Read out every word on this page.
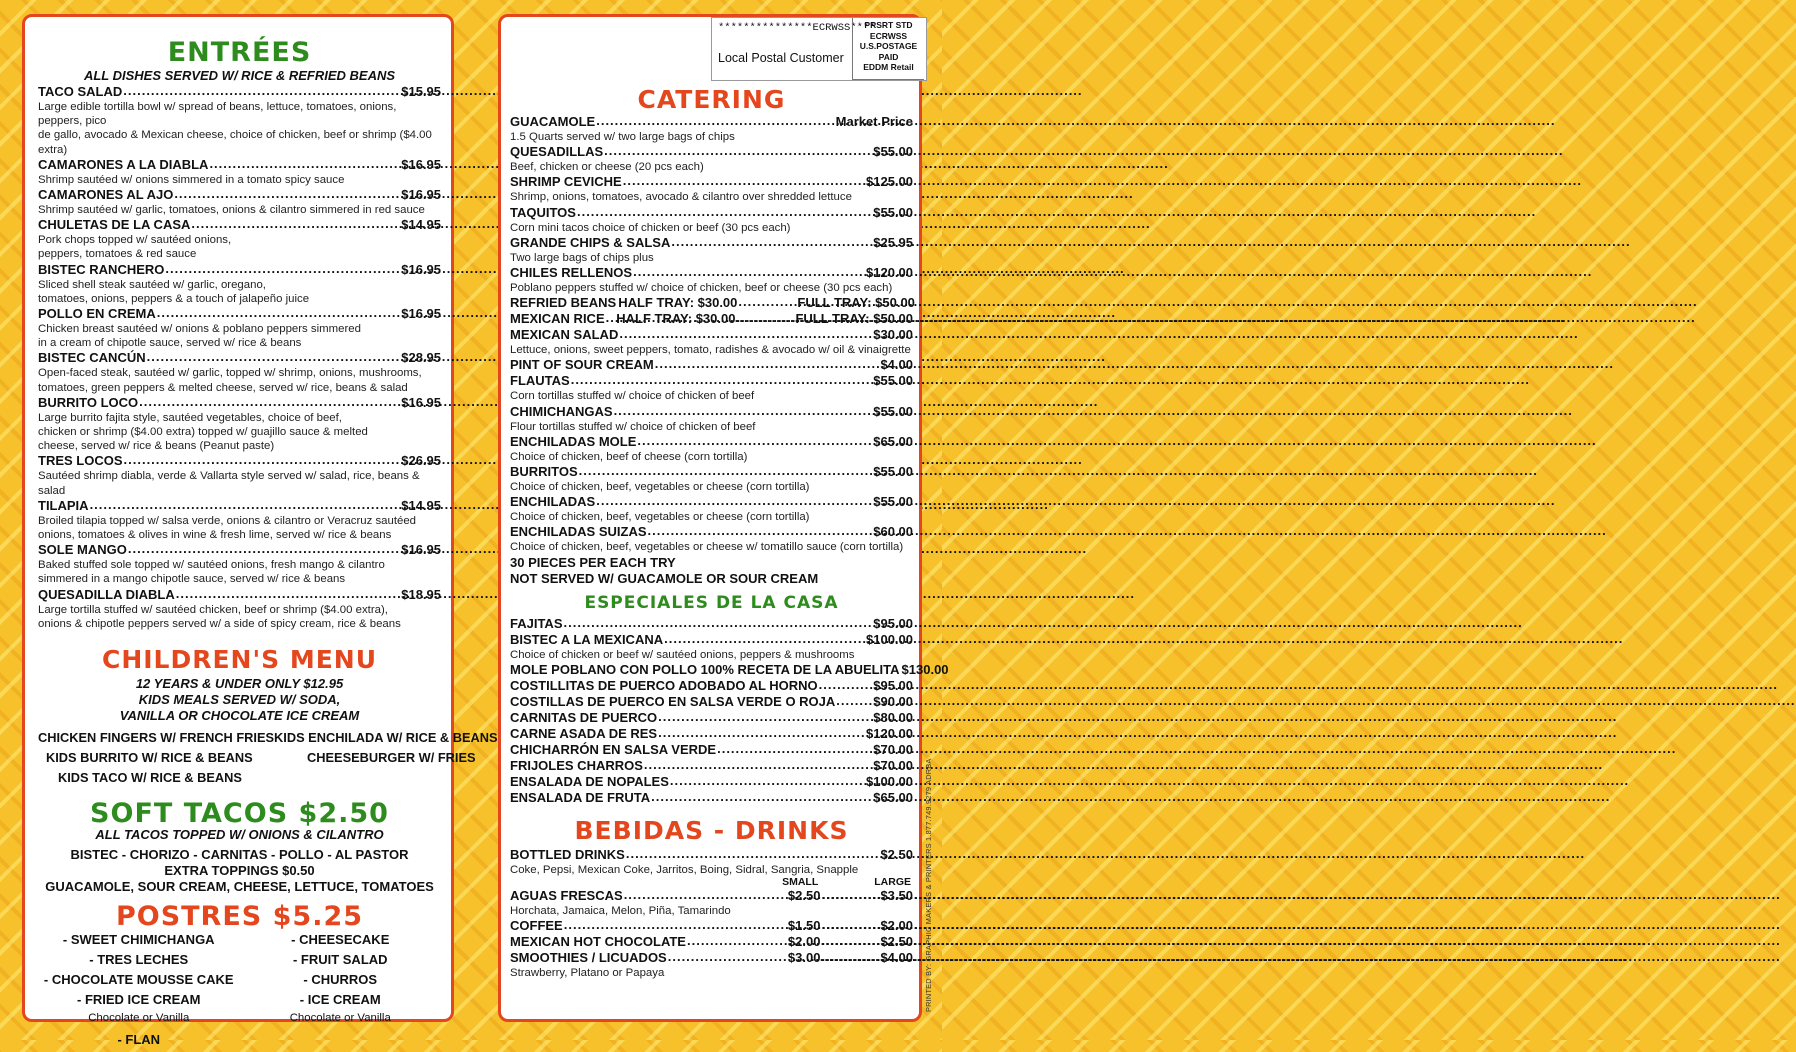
ENTRÉES
ALL DISHES SERVED W/ RICE & REFRIED BEANS
TACO SALAD .....	$15.95
Large edible tortilla bowl w/ spread of beans, lettuce, tomatoes, onions, peppers, pico
de gallo, avocado & Mexican cheese, choice of chicken, beef or shrimp ($4.00 extra)
CAMARONES A LA DIABLA .....	$16.95
Shrimp sautéed w/ onions simmered in a tomato spicy sauce
CAMARONES AL AJO .....	$16.95
Shrimp sautéed w/ garlic, tomatoes, onions & cilantro simmered in red sauce
CHULETAS DE LA CASA .....	$14.95
Pork chops topped w/ sautéed onions,
peppers, tomatoes & red sauce
BISTEC RANCHERO .....	$16.95
Sliced shell steak sautéed w/ garlic, oregano,
tomatoes, onions, peppers & a touch of jalapeño juice
POLLO EN CREMA .....	$16.95
Chicken breast sautéed w/ onions & poblano peppers simmered
in a cream of chipotle sauce, served w/ rice & beans
BISTEC CANCÚN .....	$28.95
Open-faced steak, sautéed w/ garlic, topped w/ shrimp, onions, mushrooms,
tomatoes, green peppers & melted cheese, served w/ rice, beans & salad
BURRITO LOCO .....	$16.95
Large burrito fajita style, sautéed vegetables, choice of beef,
chicken or shrimp ($4.00 extra) topped w/ guajillo sauce & melted
cheese, served w/ rice & beans (Peanut paste)
TRES LOCOS .....	$26.95
Sautéed shrimp diabla, verde & Vallarta style served w/ salad, rice, beans & salad
TILAPIA .....	$14.95
Broiled tilapia topped w/ salsa verde, onions & cilantro or Veracruz sautéed
onions, tomatoes & olives in wine & fresh lime, served w/ rice & beans
SOLE MANGO .....	$16.95
Baked stuffed sole topped w/ sautéed onions, fresh mango & cilantro
simmered in a mango chipotle sauce, served w/ rice & beans
QUESADILLA DIABLA .....	$18.95
Large tortilla stuffed w/ sautéed chicken, beef or shrimp ($4.00 extra),
onions & chipotle peppers served w/ a side of spicy cream, rice & beans
CHILDREN'S MENU
12 YEARS & UNDER ONLY $12.95
KIDS MEALS SERVED W/ SODA,
VANILLA OR CHOCOLATE ICE CREAM
CHICKEN FINGERS W/ FRENCH FRIES KIDS ENCHILADA W/ RICE & BEANS
KIDS BURRITO W/ RICE & BEANS	CHEESEBURGER W/ FRIES
KIDS TACO W/ RICE & BEANS
SOFT TACOS $2.50
ALL TACOS TOPPED W/ ONIONS & CILANTRO
BISTEC - CHORIZO - CARNITAS - POLLO - AL PASTOR
EXTRA TOPPINGS $0.50
GUACAMOLE, SOUR CREAM, CHEESE, LETTUCE, TOMATOES
POSTRES $5.25
- SWEET CHIMICHANGA
- TRES LECHES
- CHOCOLATE MOUSSE CAKE
- FRIED ICE CREAM
Chocolate or Vanilla
- FLAN
- CHEESECAKE
- FRUIT SALAD
- CHURROS
- ICE CREAM
Chocolate or Vanilla
***************ECRWSS****
Local Postal Customer
PRSRT STD
ECRWSS
U.S.POSTAGE
PAID
EDDM Retail
CATERING
GUACAMOLE .....	Market Price
1.5 Quarts served w/ two large bags of chips
QUESADILLAS .....	$55.00
Beef, chicken or cheese (20 pcs each)
SHRIMP CEVICHE .....	$125.00
Shrimp, onions, tomatoes, avocado & cilantro over shredded lettuce
TAQUITOS .....	$55.00
Corn mini tacos choice of chicken or beef (30 pcs each)
GRANDE CHIPS & SALSA .....	$25.95
Two large bags of chips plus
CHILES RELLENOS .....	$120.00
Poblano peppers stuffed w/ choice of chicken, beef or cheese (30 pcs each)
REFRIED BEANS HALF TRAY: $30.00 .....	FULL TRAY: $50.00
MEXICAN RICE ..... HALF TRAY: $30.00 .....	FULL TRAY: $50.00
MEXICAN SALAD .....	$30.00
Lettuce, onions, sweet peppers, tomato, radishes & avocado w/ oil & vinaigrette
PINT OF SOUR CREAM .....	$4.00
FLAUTAS .....	$55.00
Corn tortillas stuffed w/ choice of chicken of beef
CHIMICHANGAS .....	$55.00
Flour tortillas stuffed w/ choice of chicken of beef
ENCHILADAS MOLE .....	$65.00
Choice of chicken, beef of cheese (corn tortilla)
BURRITOS .....	$55.00
Choice of chicken, beef, vegetables or cheese (corn tortilla)
ENCHILADAS .....	$55.00
Choice of chicken, beef, vegetables or cheese (corn tortilla)
ENCHILADAS SUIZAS .....	$60.00
Choice of chicken, beef, vegetables or cheese w/ tomatillo sauce (corn tortilla)
30 PIECES PER EACH TRY
NOT SERVED W/ GUACAMOLE OR SOUR CREAM
ESPECIALES DE LA CASA
FAJITAS .....	$95.00
BISTEC A LA MEXICANA .....	$100.00
Choice of chicken or beef w/ sautéed onions, peppers & mushrooms
MOLE POBLANO CON POLLO 100% RECETA DE LA ABUELITA $130.00
COSTILLITAS DE PUERCO ADOBADO AL HORNO .....	$95.00
COSTILLAS DE PUERCO EN SALSA VERDE O ROJA .....	$90.00
CARNITAS DE PUERCO .....	$80.00
CARNE ASADA DE RES .....	$120.00
CHICHARRÓN EN SALSA VERDE .....	$70.00
FRIJOLES CHARROS .....	$70.00
ENSALADA DE NOPALES .....	$100.00
ENSALADA DE FRUTA .....	$65.00
BEBIDAS - DRINKS
BOTTLED DRINKS .....	$2.50
Coke, Pepsi, Mexican Coke, Jarritos, Boing, Sidral, Sangria, Snapple
SMALL	LARGE
AGUAS FRESCAS .....	$2.50 .....	$3.50
Horchata, Jamaica, Melon, Piña, Tamarindo
COFFEE .....	$1.50 .....	$2.00
MEXICAN HOT CHOCOLATE .....	$2.00 .....	$2.50
SMOOTHIES / LICUADOS .....	$3.00 .....	$4.00
Strawberry, Platano or Papaya	PRINTED BY: GRAPHIC MAKERS & PRINTERS 1.877.749.9279 ADRBA
